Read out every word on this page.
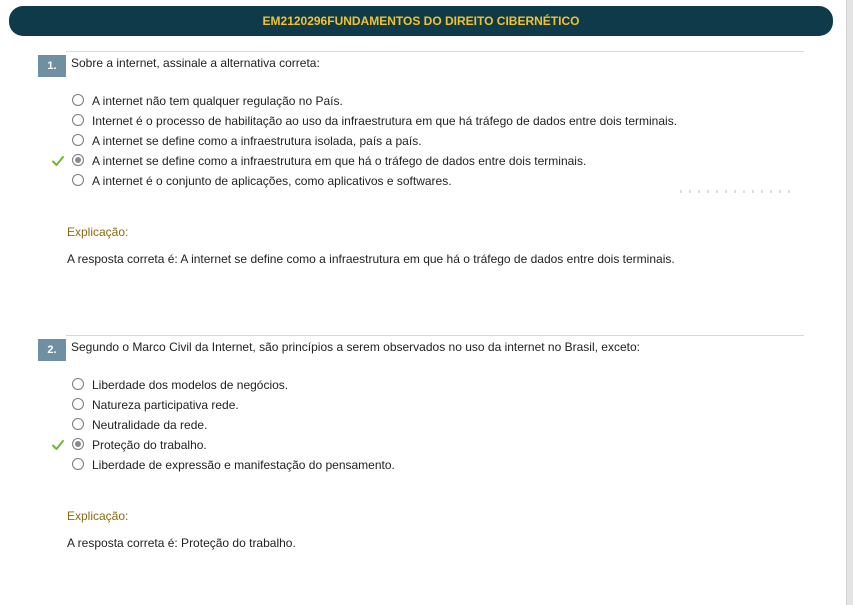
EM2120296FUNDAMENTOS DO DIREITO CIBERNÉTICO
1.	Sobre a internet, assinale a alternativa correta:
A internet não tem qualquer regulação no País.
Internet é o processo de habilitação ao uso da infraestrutura em que há tráfego de dados entre dois terminais.
A internet se define como a infraestrutura isolada, país a país.
A internet se define como a infraestrutura em que há o tráfego de dados entre dois terminais.
A internet é o conjunto de aplicações, como aplicativos e softwares.
Explicação:
A resposta correta é: A internet se define como a infraestrutura em que há o tráfego de dados entre dois terminais.
2.	Segundo o Marco Civil da Internet, são princípios a serem observados no uso da internet no Brasil, exceto:
Liberdade dos modelos de negócios.
Natureza participativa rede.
Neutralidade da rede.
Proteção do trabalho.
Liberdade de expressão e manifestação do pensamento.
Explicação:
A resposta correta é: Proteção do trabalho.
